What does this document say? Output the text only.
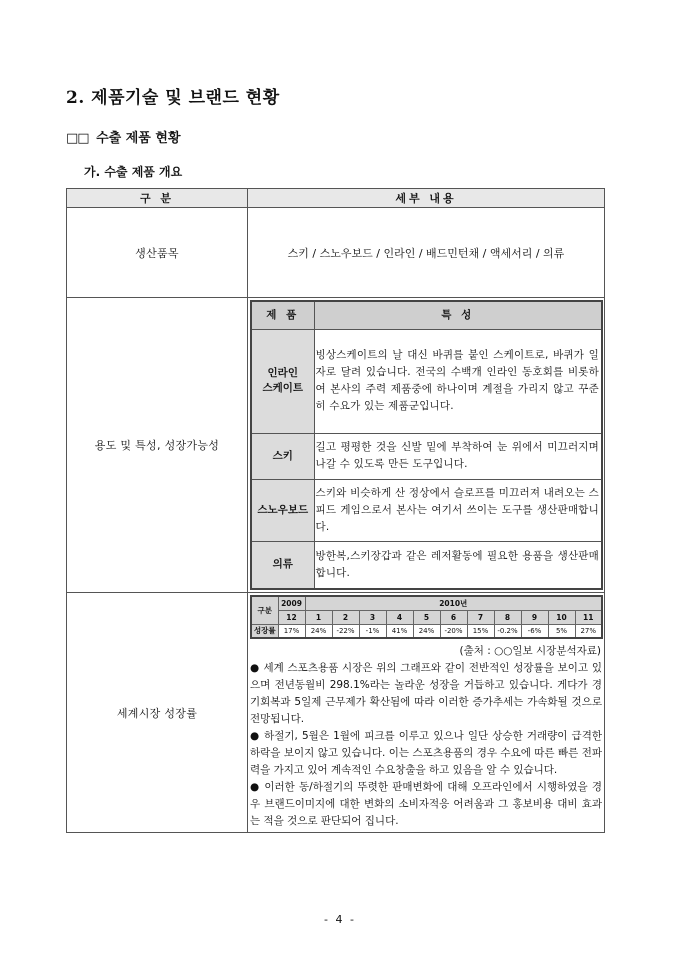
2. 제품기술 및 브랜드 현황
□□ 수출 제품 현황
가. 수출 제품 개요
구 분	세부 내용
생산품목	스키 / 스노우보드 / 인라인 / 배드민턴채 / 액세서리 / 의류
용도 및 특성, 성장가능성	
제 품	특 성
인라인
스케이트	빙상스케이트의 날 대신 바퀴를 붙인 스케이트로, 바퀴가 일자로 달려 있습니다. 전국의 수백개 인라인 동호회를 비롯하여 본사의 주력 제품중에 하나이며 계절을 가리지 않고 꾸준히 수요가 있는 제품군입니다.
스키	길고 평평한 것을 신발 밑에 부착하여 눈 위에서 미끄러지며 나갈 수 있도록 만든 도구입니다.
스노우보드	스키와 비슷하게 산 정상에서 슬로프를 미끄러져 내려오는 스피드 게임으로서 본사는 여기서 쓰이는 도구를 생산판매합니다.
의류	방한복,스키장갑과 같은 레저활동에 필요한 용품을 생산판매합니다.

세계시장 성장률	
구분	2009	2010년
12	1	2	3	4	5	6	7	8	9	10	11
성장률	17%	24%	-22%	-1%	41%	24%	-20%	15%	-0.2%	-6%	5%	27%
(출처 : ○○일보 시장분석자료)
● 세계 스포츠용품 시장은 위의 그래프와 같이 전반적인 성장률을 보이고 있으며 전년동월비 298.1%라는 놀라운 성장을 거듭하고 있습니다. 게다가 경기회복과 5일제 근무제가 확산됨에 따라 이러한 증가추세는 가속화될 것으로 전망됩니다.
● 하절기, 5월은 1월에 피크를 이루고 있으나 일단 상승한 거래량이 급격한 하락을 보이지 않고 있습니다. 이는 스포츠용품의 경우 수요에 따른 빠른 전파력을 가지고 있어 계속적인 수요창출을 하고 있음을 알 수 있습니다.
● 이러한 동/하절기의 뚜렷한 판매변화에 대해 오프라인에서 시행하였을 경우 브랜드이미지에 대한 변화의 소비자적응 어려움과 그 홍보비용 대비 효과는 적을 것으로 판단되어 집니다.
- 4 -
